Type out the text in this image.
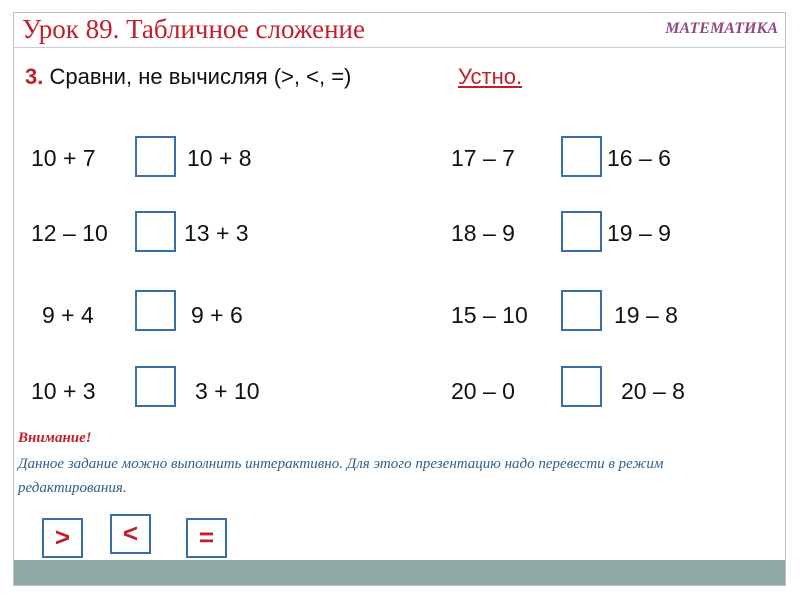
Урок 89. Табличное сложение	МАТЕМАТИКА
3. Сравни, не вычисляя (>, <, =)	Устно.
10 + 7	10 + 8
12 – 10	13 + 3
9 + 4	9 + 6
10 + 3	3 + 10
17 – 7	16 – 6
18 – 9	19 – 9
15 – 10	19 – 8
20 – 0	20 – 8
Внимание!
Данное задание можно выполнить интерактивно. Для этого презентацию надо перевести в режим редактирования.
>	<	=
